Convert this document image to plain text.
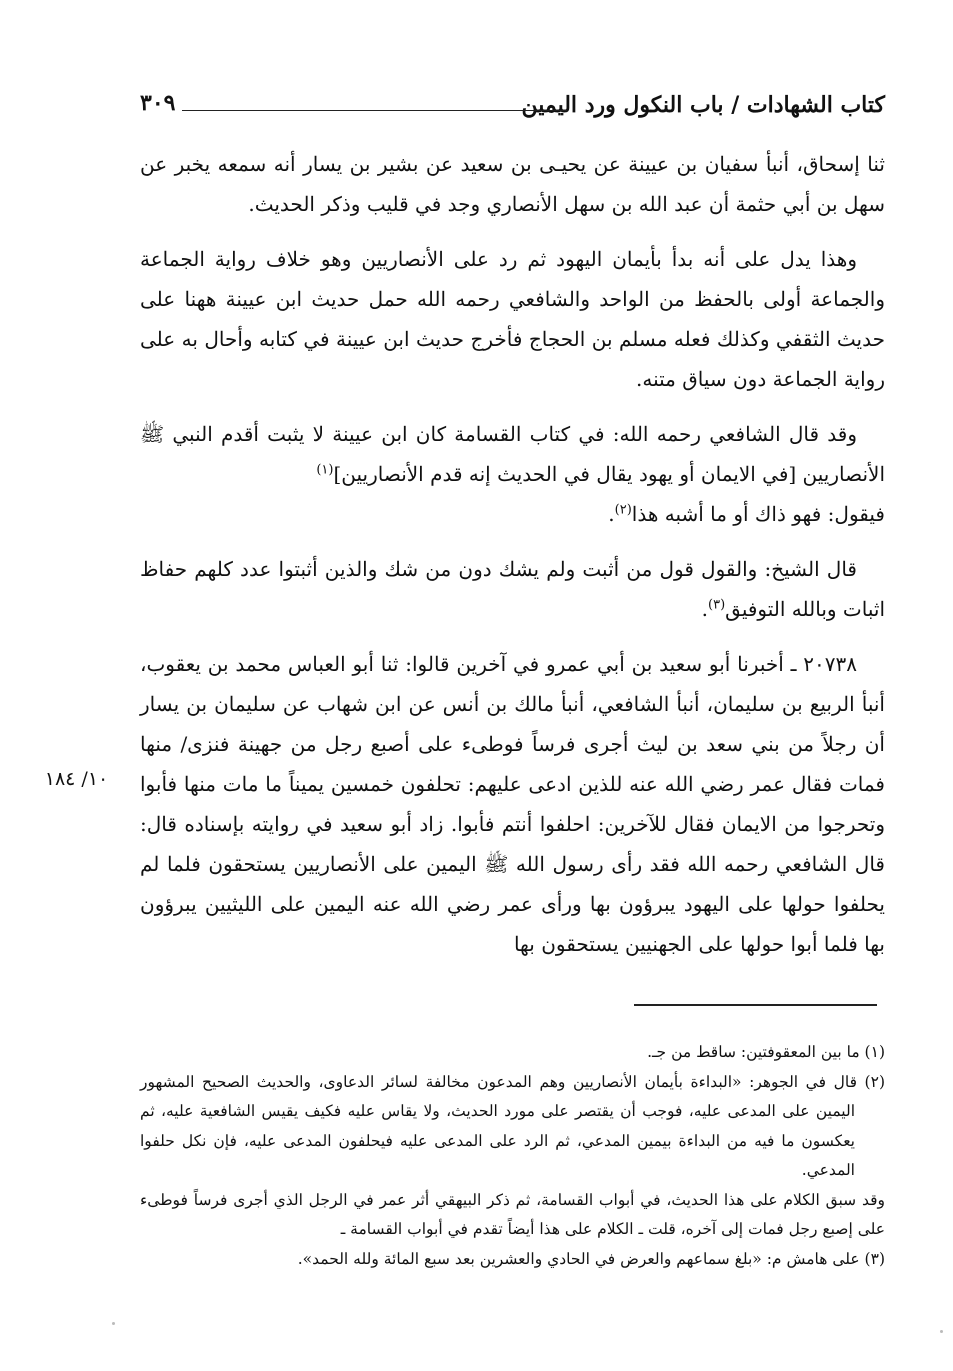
كتاب الشهادات / باب النكول ورد اليمين
٣٠٩

ثنا إسحاق، أنبأ سفيان بن عيينة عن يحيـى بن سعيد عن بشير بن يسار أنه سمعه يخبر عن سهل بن أبي حثمة أن عبد الله بن سهل الأنصاري وجد في قليب وذكر الحديث.

وهذا يدل على أنه بدأ بأيمان اليهود ثم رد على الأنصاريين وهو خلاف رواية الجماعة والجماعة أولى بالحفظ من الواحد والشافعي رحمه الله حمل حديث ابن عيينة ههنا على حديث الثقفي وكذلك فعله مسلم بن الحجاج فأخرج حديث ابن عيينة في كتابه وأحال به على رواية الجماعة دون سياق متنه.

وقد قال الشافعي رحمه الله: في كتاب القسامة كان ابن عيينة لا يثبت أقدم النبي ﷺ الأنصاريين [في الايمان أو يهود يقال في الحديث إنه قدم الأنصاريين]$^{(١)}$
فيقول: فهو ذاك أو ما أشبه هذا$^{(٢)}$.

قال الشيخ: والقول قول من أثبت ولم يشك دون من شك والذين أثبتوا عدد كلهم حفاظ اثبات وبالله التوفيق$^{(٣)}$.

٢٠٧٣٨ ـ أخبرنا أبو سعيد بن أبي عمرو في آخرين قالوا: ثنا أبو العباس محمد بن يعقوب، أنبأ الربيع بن سليمان، أنبأ الشافعي، أنبأ مالك بن أنس عن ابن شهاب عن سليمان بن يسار أن رجلاً من بني سعد بن ليث أجرى فرساً فوطىء على أصبع رجل من جهينة فنزى/ منها فمات فقال عمر رضي الله عنه للذين ادعى عليهم: تحلفون خمسين يميناً ما مات منها فأبوا وتحرجوا من الايمان فقال للآخرين: احلفوا أنتم فأبوا. زاد أبو سعيد في روايته بإسناده قال: قال الشافعي رحمه الله فقد رأى رسول الله ﷺ اليمين على الأنصاريين يستحقون فلما لم يحلفوا حولها على اليهود يبرؤون بها ورأى عمر رضي الله عنه اليمين على الليثيين يبرؤون بها فلما أبوا حولها على الجهنيين يستحقون بها

١٠/ ١٨٤

(١) ما بين المعقوفتين: ساقط من جـ.

(٢) قال في الجوهر: «البداءة بأيمان الأنصاريين وهم المدعون مخالفة لسائر الدعاوى، والحديث الصحيح المشهور اليمين على المدعى عليه، فوجب أن يقتصر على مورد الحديث، ولا يقاس عليه فكيف يقيس الشافعية عليه، ثم يعكسون ما فيه من البداءة بيمين المدعي، ثم الرد على المدعى عليه فيحلفون المدعى عليه، فإن نكل حلفوا المدعي.

وقد سبق الكلام على هذا الحديث، في أبواب القسامة، ثم ذكر البيهقي أثر عمر في الرجل الذي أجرى فرساً فوطىء على إصبع رجل فمات إلى آخره، قلت ـ الكلام على هذا أيضاً تقدم في أبواب القسامة ـ

(٣) على هامش م: «بلغ سماعهم والعرض في الحادي والعشرين بعد سبع المائة ولله الحمد».
